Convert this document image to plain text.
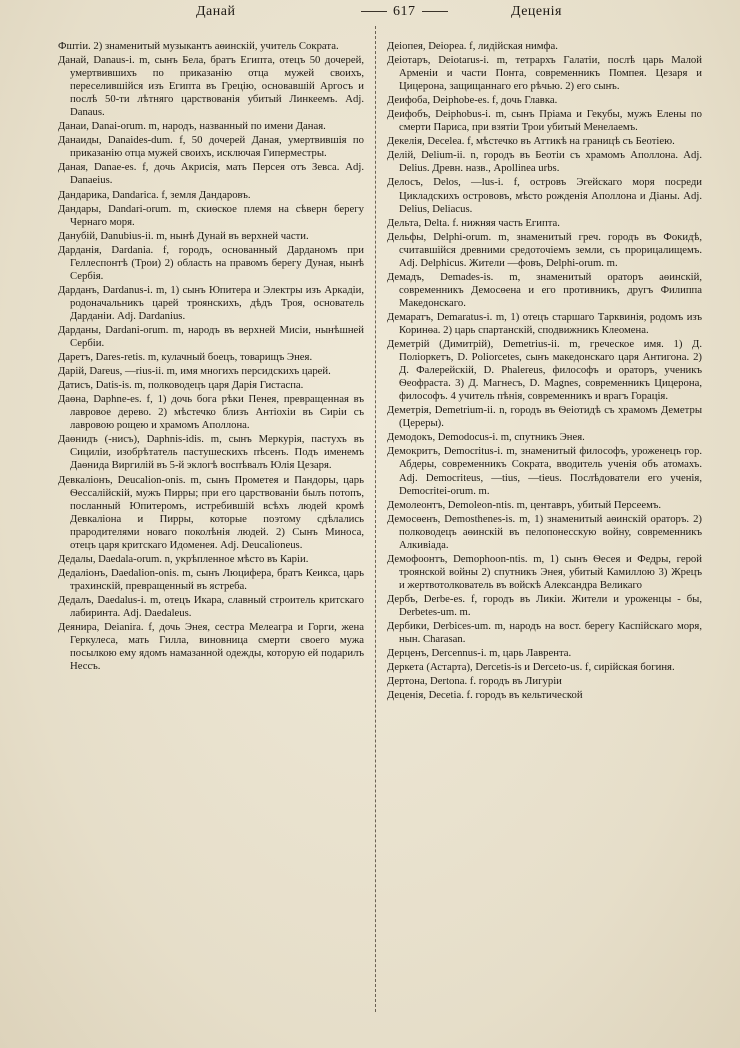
Данай	617	Деценія

Фштiи. 2) знаменитый музыкантъ аѳинскій, учитель Сократа.

Данай, Danaus-i. m, сынъ Бела, братъ Египта, отецъ 50 дочерей, умертвившихъ по приказанію отца мужей своихъ, переселившійся изъ Египта въ Грецію, основавшій Аргосъ и послѣ 50-ти лѣтняго царствованія убитый Линкеемъ. Adj. Danaus.

Данаи, Danai-orum. m, народъ, названный по имени Даная.

Данаиды, Danaides-dum. f, 50 дочерей Даная, умертвившія по приказанію отца мужей своихъ, исключая Гиперместры.

Даная, Danae-es. f, дочь Акрисія, мать Персея отъ Зевса. Adj. Danaeius.

Дандарика, Dandarica. f, земля Дандаровъ.

Дандары, Dandari-orum. m, скиѳское племя на сѣверн берегу Чернаго моря.

Данубій, Danubius-ii. m, нынѣ Дунай въ верхней части.

Дарданія, Dardania. f, городъ, основанный Дарданомъ при Геллеспонтѣ (Трои) 2) область на правомъ берегу Дуная, нынѣ Сербія.

Дарданъ, Dardanus-i. m, 1) сынъ Юпитера и Электры изъ Аркадіи, родоначальникъ царей троянскихъ, дѣдъ Троя, основатель Дарданіи. Adj. Dardanius.

Дарданы, Dardani-orum. m, народъ въ верхней Мисіи, нынѣшней Сербіи.

Даретъ, Dares-retis. m, кулачный боецъ, товарищъ Энея.

Дарій, Dareus, —rius-ii. m, имя многихъ персидскихъ царей.

Датисъ, Datis-is. m, полководецъ царя Дарія Гистаспа.

Даѳна, Daphne-es. f, 1) дочь бога рѣки Пенея, превращенная въ лавровое дерево. 2) мѣстечко близъ Антіохіи въ Сиріи съ лавровою рощею и храмомъ Аполлона.

Даѳнидъ (-нисъ), Daphnis-idis. m, сынъ Меркурія, пастухъ въ Сициліи, изобрѣтатель пастушескихъ пѣсенъ. Подъ именемъ Даѳнида Виргилій въ 5-й эклогѣ воспѣвалъ Юлія Цезаря.

Девкаліонъ, Deucalion-onis. m, сынъ Прометея и Пандоры, царь Ѳессалійскій, мужъ Пирры; при его царствованіи былъ потопъ, посланный Юпитеромъ, истребившій всѣхъ людей кромѣ Девкаліона и Пирры, которые поэтому сдѣлались прародителями новаго поколѣнія людей. 2) Сынъ Миноса, отецъ царя критскаго Идоменея. Adj. Deucalioneus.

Дедалы, Daedala-orum. n, укрѣпленное мѣсто въ Каріи.

Дедаліонъ, Daedalion-onis. m, сынъ Люцифера, братъ Кеикса, царь трахинскій, превращенный въ ястреба.

Дедалъ, Daedalus-i. m, отецъ Икара, славный строитель критскаго лабиринта. Adj. Daedaleus.

Деянира, Deianira. f, дочь Энея, сестра Мелеагра и Горги, жена Геркулеса, мать Гилла, виновница смерти своего мужа посылкою ему ядомъ намазанной одежды, которую ей подарилъ Нессъ.

Деіопея, Deiopea. f, лидійская нимфа.

Деіотаръ, Deiotarus-i. m, тетрархъ Галатіи, послѣ царь Малой Арменіи и части Понта, современникъ Помпея. Цезаря и Цицерона, защищаннаго его рѣчью. 2) его сынъ.

Деифоба, Deiphobe-es. f, дочь Главка.

Деифобъ, Deiphobus-i. m, сынъ Пріама и Гекубы, мужъ Елены по смерти Париса, при взятіи Трои убитый Менелаемъ.

Декелія, Decelea. f, мѣстечко въ Аттикѣ на границѣ съ Беотіею.

Делій, Delium-ii. n, городъ въ Беотіи съ храмомъ Аполлона. Adj. Delius. Древн. назв., Apollinea urbs.

Делосъ, Delos, —lus-i. f, островъ Эгейскаго моря посреди Цикладскихъ острововъ, мѣсто рожденія Аполлона и Діаны. Adj. Delius, Deliacus.

Дельта, Delta. f. нижняя часть Египта.

Дельфы, Delphi-orum. m, знаменитый греч. городъ въ Фокидѣ, считавшійся древними средоточіемъ земли, съ прорицалищемъ. Adj. Delphicus. Жители —фовъ, Delphi-orum. m.

Демадъ, Demades-is. m, знаменитый ораторъ аѳинскій, современникъ Демосѳена и его противникъ, другъ Филиппа Македонскаго.

Демаратъ, Demaratus-i. m, 1) отецъ старшаго Тарквинія, родомъ изъ Коринѳа. 2) царь спартанскій, сподвижникъ Клеомена.

Деметрій (Димитрій), Demetrius-ii. m, греческое имя. 1) Д. Поліоркетъ, D. Poliorcetes, сынъ македонскаго царя Антигона. 2) Д. Фалерейскій, D. Phalereus, философъ и ораторъ, ученикъ Ѳеофраста. 3) Д. Магнесъ, D. Magnes, современникъ Цицерона, философъ. 4 учитель пѣнія, современникъ и врагъ Горація.

Деметрія, Demetrium-ii. n, городъ въ Ѳеіотидѣ съ храмомъ Деметры (Цереры).

Демодокъ, Demodocus-i. m, спутникъ Энея.

Демокритъ, Democritus-i. m, знаменитый философъ, уроженецъ гор. Абдеры, современникъ Сократа, вводитель ученія объ атомахъ. Adj. Democriteus, —tius, —tieus. Послѣдователи его ученія, Democritei-orum. m.

Демолеонтъ, Demoleon-ntis. m, центавръ, убитый Персеемъ.

Демосѳенъ, Demosthenes-is. m, 1) знаменитый аѳинскій ораторъ. 2) полководецъ аѳинскій въ пелопонесскую войну, современникъ Алкивіада.

Демофоонтъ, Demophoon-ntis. m, 1) сынъ Ѳесея и Федры, герой троянской войны 2) спутникъ Энея, убитый Камиллою 3) Жрецъ и жертвотолкователь въ войскѣ Александра Великаго

Дербъ, Derbe-es. f, городъ въ Ликіи. Жители и уроженцы - бы, Derbetes-um. m.

Дербики, Derbices-um. m, народъ на вост. берегу Каспійскаго моря, нын. Charasan.

Дерценъ, Dercennus-i. m, царь Лаврента.

Деркета (Астарта), Dercetis-is и Derceto-us. f, сирійская богиня.

Дертона, Dertona. f. городъ въ Лигуріи

Деценія, Decetia. f. городъ въ кельтической
